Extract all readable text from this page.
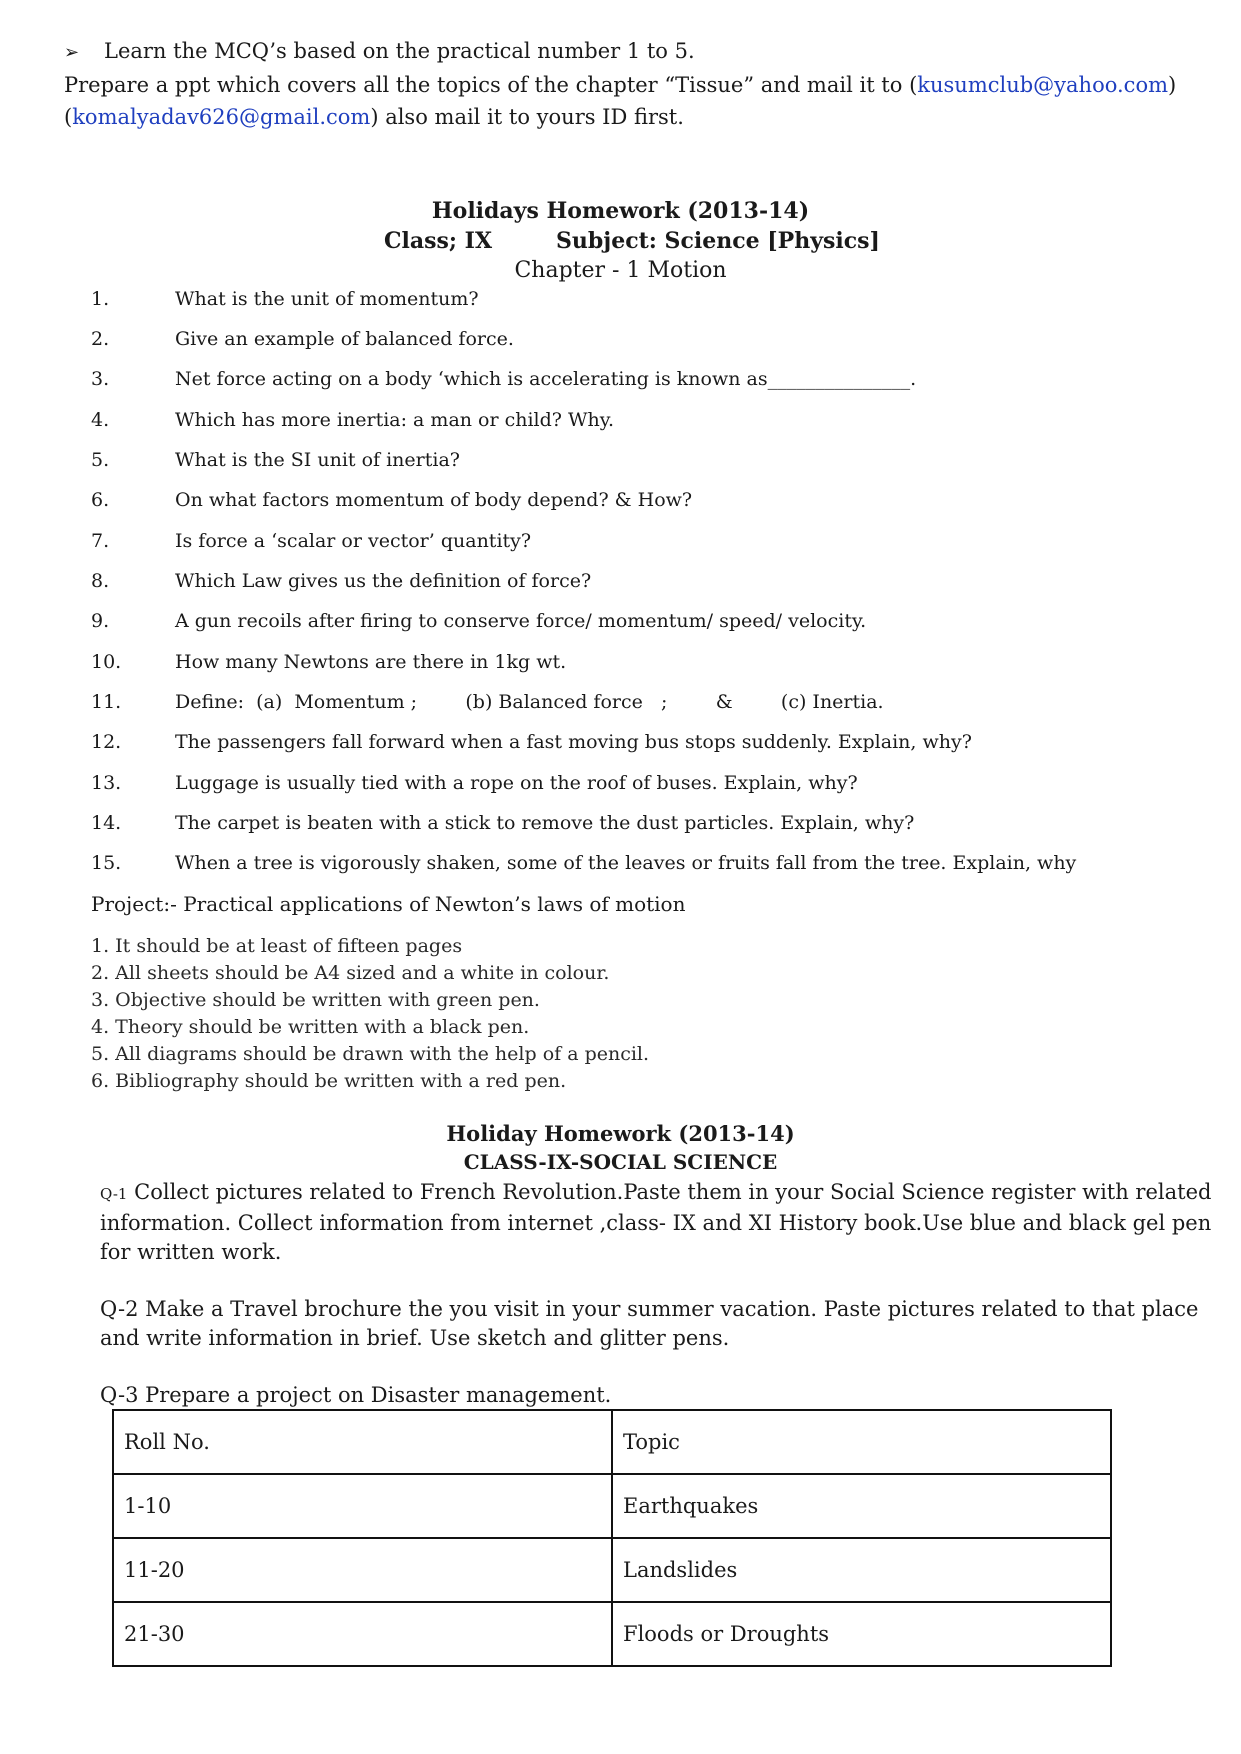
➢ Learn the MCQ’s based on the practical number 1 to 5.
Prepare a ppt which covers all the topics of the chapter “Tissue” and mail it to (kusumclub@yahoo.com)
(komalyadav626@gmail.com) also mail it to yours ID first.
Holidays Homework (2013-14)
Class; IX	Subject: Science [Physics]
Chapter - 1 Motion
1.	What is the unit of momentum?
2.	Give an example of balanced force.
3.	Net force acting on a body ‘which is accelerating is known as_______________.
4.	Which has more inertia: a man or child? Why.
5.	What is the SI unit of inertia?
6.	On what factors momentum of body depend? & How?
7.	Is force a ‘scalar or vector’ quantity?
8.	Which Law gives us the definition of force?
9.	A gun recoils after firing to conserve force/ momentum/ speed/ velocity.
10.	How many Newtons are there in 1kg wt.
11.	Define:  (a)  Momentum ;        (b) Balanced force   ;        &        (c) Inertia.
12.	The passengers fall forward when a fast moving bus stops suddenly. Explain, why?
13.	Luggage is usually tied with a rope on the roof of buses. Explain, why?
14.	The carpet is beaten with a stick to remove the dust particles. Explain, why?
15.	When a tree is vigorously shaken, some of the leaves or fruits fall from the tree. Explain, why
Project:- Practical applications of Newton’s laws of motion
1. It should be at least of fifteen pages
2. All sheets should be A4 sized and a white in colour.
3. Objective should be written with green pen.
4. Theory should be written with a black pen.
5. All diagrams should be drawn with the help of a pencil.
6. Bibliography should be written with a red pen.
Holiday Homework (2013-14)
CLASS-IX-SOCIAL SCIENCE
Q-1 Collect pictures related to French Revolution.Paste them in your Social Science register with related
information. Collect information from internet ,class- IX and XI History book.Use blue and black gel pen
for written work.
Q-2 Make a Travel brochure the you visit in your summer vacation. Paste pictures related to that place
and write information in brief. Use sketch and glitter pens.
Q-3 Prepare a project on Disaster management.
Roll No.	Topic
1-10	Earthquakes
11-20	Landslides
21-30	Floods or Droughts
